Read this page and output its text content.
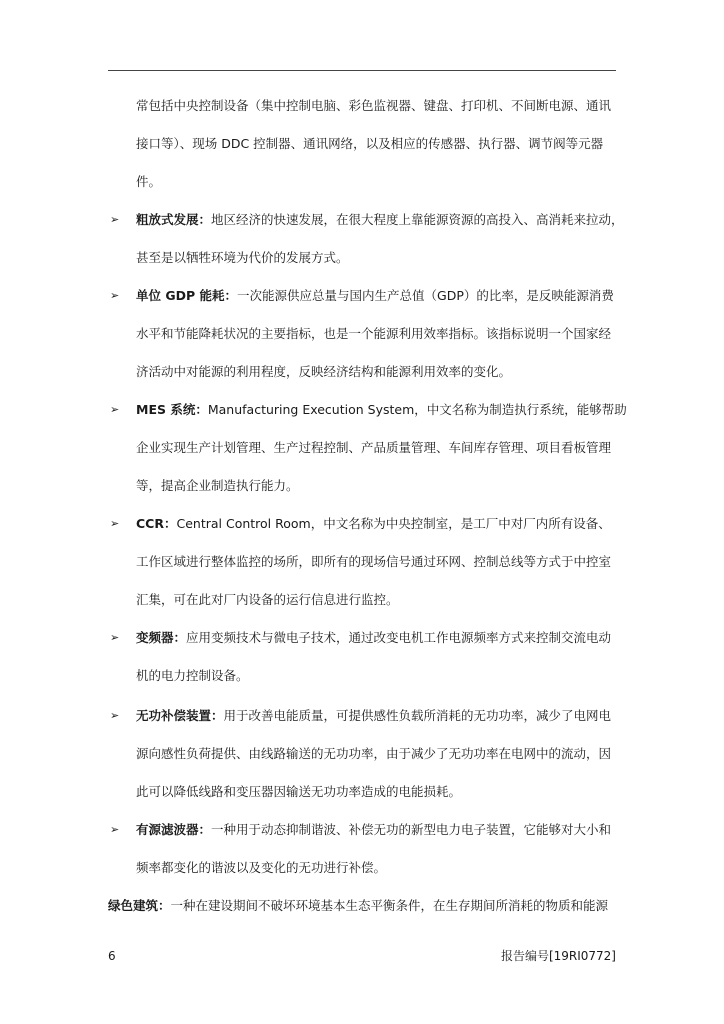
常包括中央控制设备（集中控制电脑、彩色监视器、键盘、打印机、不间断电源、通讯
接口等）、现场 DDC 控制器、通讯网络，以及相应的传感器、执行器、调节阀等元器
件。
➢ 粗放式发展：地区经济的快速发展，在很大程度上靠能源资源的高投入、高消耗来拉动，
甚至是以牺牲环境为代价的发展方式。
➢ 单位 GDP 能耗：一次能源供应总量与国内生产总值（GDP）的比率，是反映能源消费
水平和节能降耗状况的主要指标，也是一个能源利用效率指标。该指标说明一个国家经
济活动中对能源的利用程度，反映经济结构和能源利用效率的变化。
➢ MES 系统：Manufacturing Execution System，中文名称为制造执行系统，能够帮助
企业实现生产计划管理、生产过程控制、产品质量管理、车间库存管理、项目看板管理
等，提高企业制造执行能力。
➢ CCR：Central Control Room，中文名称为中央控制室，是工厂中对厂内所有设备、
工作区域进行整体监控的场所，即所有的现场信号通过环网、控制总线等方式于中控室
汇集，可在此对厂内设备的运行信息进行监控。
➢ 变频器：应用变频技术与微电子技术，通过改变电机工作电源频率方式来控制交流电动
机的电力控制设备。
➢ 无功补偿装置：用于改善电能质量，可提供感性负载所消耗的无功功率，减少了电网电
源向感性负荷提供、由线路输送的无功功率，由于减少了无功功率在电网中的流动，因
此可以降低线路和变压器因输送无功功率造成的电能损耗。
➢ 有源滤波器：一种用于动态抑制谐波、补偿无功的新型电力电子装置，它能够对大小和
频率都变化的谐波以及变化的无功进行补偿。
绿色建筑：一种在建设期间不破坏环境基本生态平衡条件，在生存期间所消耗的物质和能源
6	报告编号[19RI0772]
